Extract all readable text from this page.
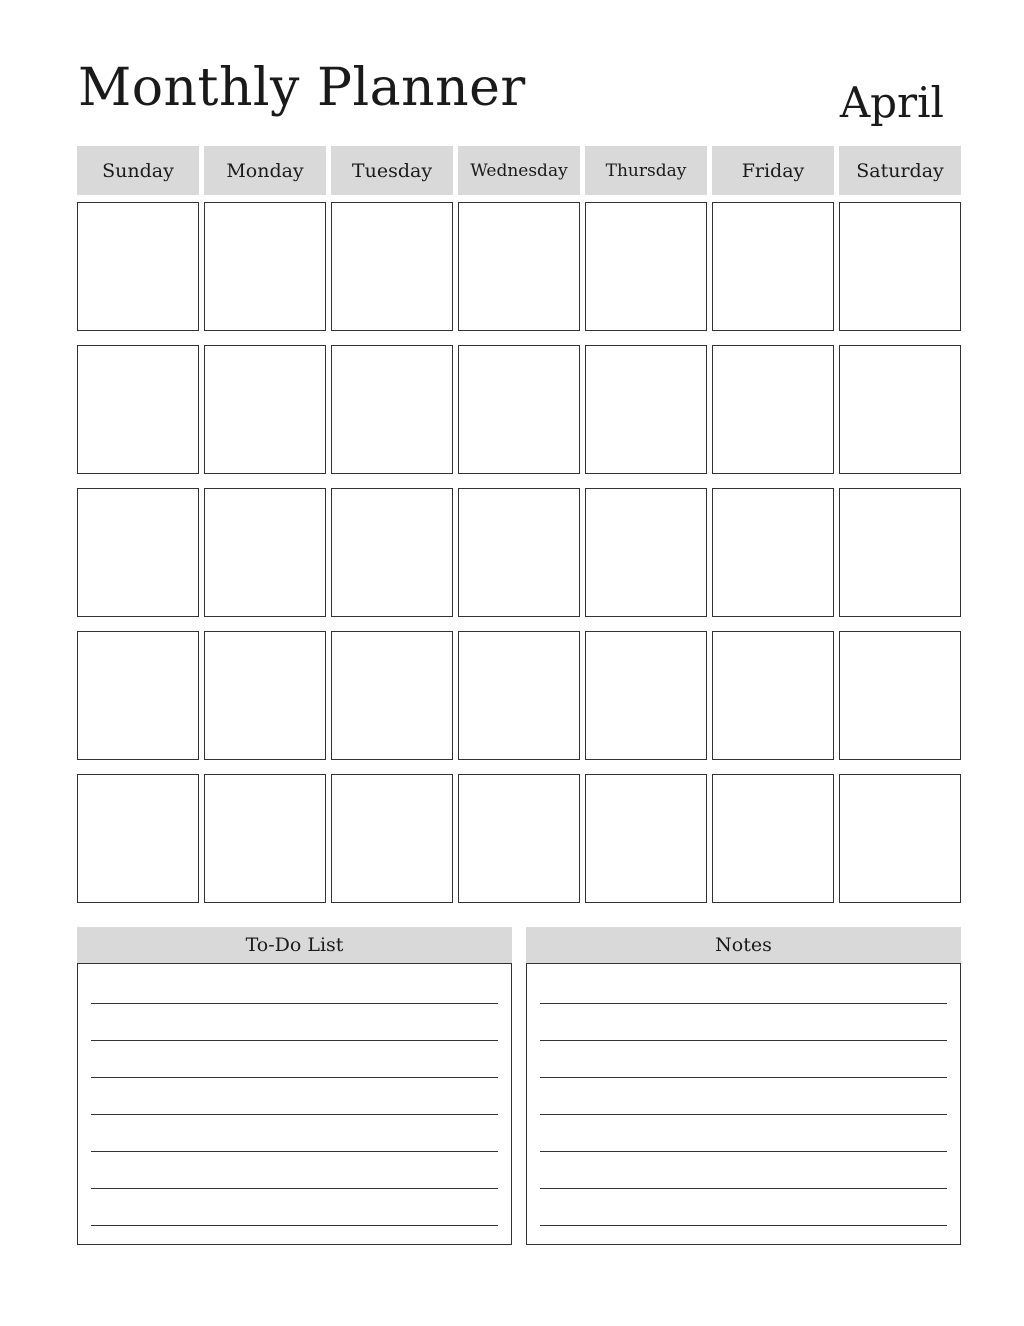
Monthly Planner	April
Sunday	Monday	Tuesday	Wednesday	Thursday	Friday	Saturday
To-Do List	Notes
